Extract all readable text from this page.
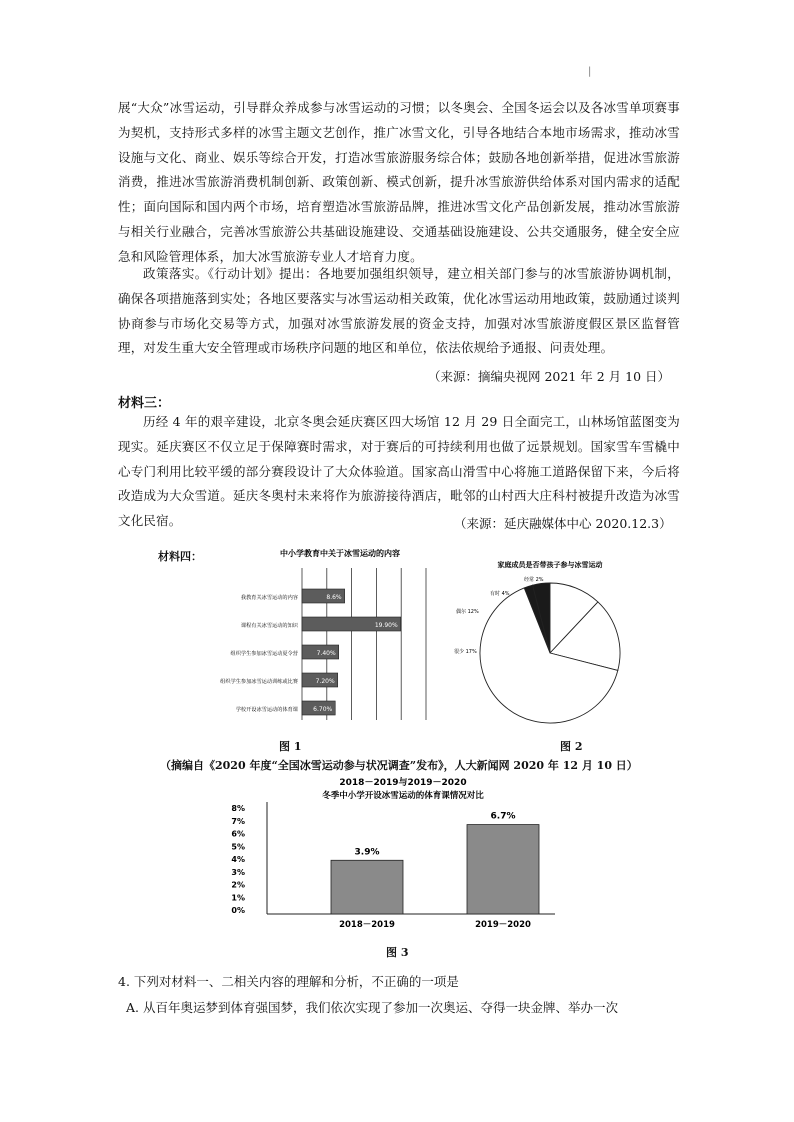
|

展“大众”冰雪运动，引导群众养成参与冰雪运动的习惯；以冬奥会、全国冬运会以及各冰雪单项赛事为契机，支持形式多样的冰雪主题文艺创作，推广冰雪文化，引导各地结合本地市场需求，推动冰雪设施与文化、商业、娱乐等综合开发，打造冰雪旅游服务综合体；鼓励各地创新举措，促进冰雪旅游消费，推进冰雪旅游消费机制创新、政策创新、模式创新，提升冰雪旅游供给体系对国内需求的适配性；面向国际和国内两个市场，培育塑造冰雪旅游品牌，推进冰雪文化产品创新发展，推动冰雪旅游与相关行业融合，完善冰雪旅游公共基础设施建设、交通基础设施建设、公共交通服务，健全安全应急和风险管理体系，加大冰雪旅游专业人才培育力度。

政策落实。《行动计划》提出：各地要加强组织领导，建立相关部门参与的冰雪旅游协调机制，确保各项措施落到实处；各地区要落实与冰雪运动相关政策，优化冰雪运动用地政策，鼓励通过谈判协商参与市场化交易等方式，加强对冰雪旅游发展的资金支持，加强对冰雪旅游度假区景区监督管理，对发生重大安全管理或市场秩序问题的地区和单位，依法依规给予通报、问责处理。

（来源：摘编央视网 2021 年 2 月 10 日）
材料三：

历经 4 年的艰辛建设，北京冬奥会延庆赛区四大场馆 12 月 29 日全面完工，山林场馆蓝图变为现实。延庆赛区不仅立足于保障赛时需求，对于赛后的可持续利用也做了远景规划。国家雪车雪橇中心专门利用比较平缓的部分赛段设计了大众体验道。国家高山滑雪中心将施工道路保留下来，今后将改造成为大众雪道。延庆冬奥村未来将作为旅游接待酒店，毗邻的山村西大庄科村被提升改造为冰雪文化民宿。	（来源：延庆融媒体中心 2020.12.3）
材料四：	中小学教育中关于冰雪运动的内容
我教育关冰雪运动的内容	8.6%
课程有关冰雪运动的知识	19.90%
组织学生参加冰雪运动夏令营	7.40%
组织学生参加冰雪运动训练或比赛	7.20%
学校开设冰雪运动的体育课	6.70%
图 1
家庭成员是否带孩子参与冰雪运动
经常 2%
有时 4%
偶尔 12%
很少 17%
图 2
（摘编自《2020 年度“全国冰雪运动参与状况调查”发布》，人大新闻网 2020 年 12 月 10 日）
2018－2019与2019－2020
冬季中小学开设冰雪运动的体育课情况对比
8%
7%
6%
5%
4%
3%
2%
1%
0%
3.9%
2018－2019
6.7%
2019－2020
图 3
4. 下列对材料一、二相关内容的理解和分析，不正确的一项是
A. 从百年奥运梦到体育强国梦，我们依次实现了参加一次奥运、夺得一块金牌、举办一次
